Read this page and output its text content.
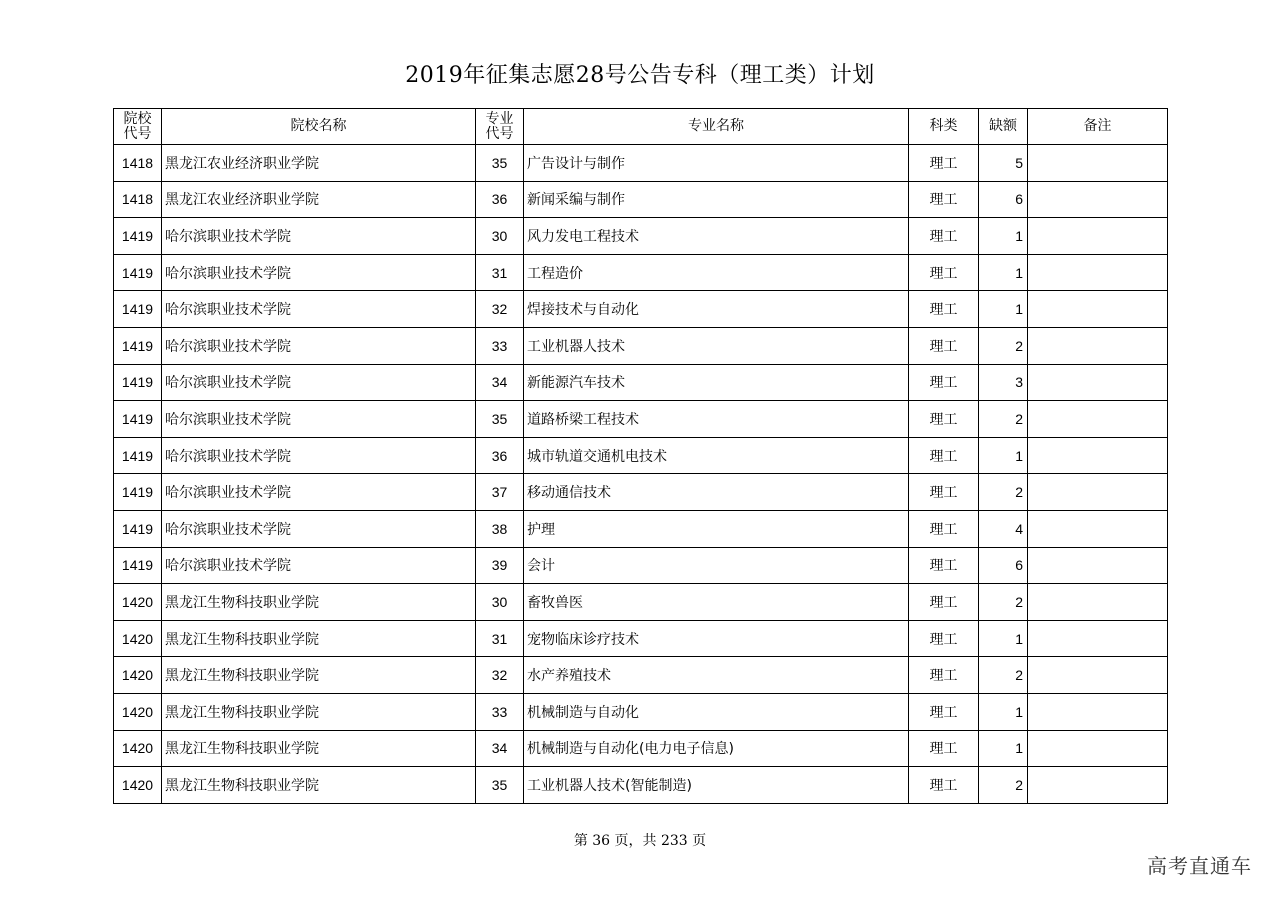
2019年征集志愿28号公告专科（理工类）计划
院校代号	院校名称	专业代号	专业名称	科类	缺额	备注
1418	黑龙江农业经济职业学院	35	广告设计与制作	理工	5	
1418	黑龙江农业经济职业学院	36	新闻采编与制作	理工	6	
1419	哈尔滨职业技术学院	30	风力发电工程技术	理工	1	
1419	哈尔滨职业技术学院	31	工程造价	理工	1	
1419	哈尔滨职业技术学院	32	焊接技术与自动化	理工	1	
1419	哈尔滨职业技术学院	33	工业机器人技术	理工	2	
1419	哈尔滨职业技术学院	34	新能源汽车技术	理工	3	
1419	哈尔滨职业技术学院	35	道路桥梁工程技术	理工	2	
1419	哈尔滨职业技术学院	36	城市轨道交通机电技术	理工	1	
1419	哈尔滨职业技术学院	37	移动通信技术	理工	2	
1419	哈尔滨职业技术学院	38	护理	理工	4	
1419	哈尔滨职业技术学院	39	会计	理工	6	
1420	黑龙江生物科技职业学院	30	畜牧兽医	理工	2	
1420	黑龙江生物科技职业学院	31	宠物临床诊疗技术	理工	1	
1420	黑龙江生物科技职业学院	32	水产养殖技术	理工	2	
1420	黑龙江生物科技职业学院	33	机械制造与自动化	理工	1	
1420	黑龙江生物科技职业学院	34	机械制造与自动化(电力电子信息)	理工	1	
1420	黑龙江生物科技职业学院	35	工业机器人技术(智能制造)	理工	2	
第 36 页，共 233 页
高考直通车
